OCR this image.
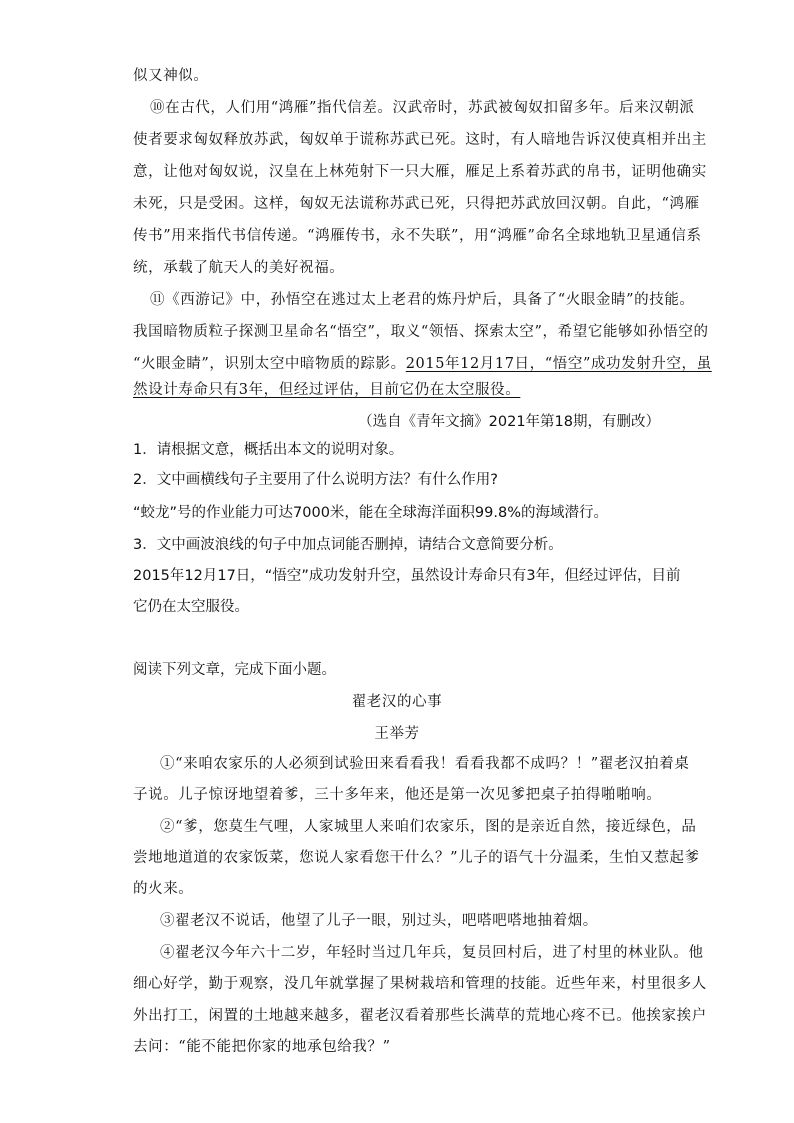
似又神似。
⑩在古代，人们用“鸿雁”指代信差。汉武帝时，苏武被匈奴扣留多年。后来汉朝派
使者要求匈奴释放苏武，匈奴单于谎称苏武已死。这时，有人暗地告诉汉使真相并出主
意，让他对匈奴说，汉皇在上林苑射下一只大雁，雁足上系着苏武的帛书，证明他确实
未死，只是受困。这样，匈奴无法谎称苏武已死，只得把苏武放回汉朝。自此，“鸿雁
传书”用来指代书信传递。“鸿雁传书，永不失联”，用“鸿雁”命名全球地轨卫星通信系
统，承载了航天人的美好祝福。
⑪《西游记》中，孙悟空在逃过太上老君的炼丹炉后，具备了“火眼金睛”的技能。
我国暗物质粒子探测卫星命名“悟空”，取义“领悟、探索太空”，希望它能够如孙悟空的
“火眼金睛”，识别太空中暗物质的踪影。2015年12月17日，“悟空”成功发射升空，虽
然设计寿命只有3年，但经过评估，目前它仍在太空服役。
（选自《青年文摘》2021年第18期，有删改）
1．请根据文意，概括出本文的说明对象。
2．文中画横线句子主要用了什么说明方法？有什么作用?
“蛟龙”号的作业能力可达7000米，能在全球海洋面积99.8%的海域潜行。
3．文中画波浪线的句子中加点词能否删掉，请结合文意简要分析。
2015年12月17日，“悟空”成功发射升空，虽然设计寿命只有3年，但经过评估，目前
它仍在太空服役。
阅读下列文章，完成下面小题。
翟老汉的心事
王举芳
①“来咱农家乐的人必须到试验田来看看我！看看我都不成吗？！”翟老汉拍着桌
子说。儿子惊讶地望着爹，三十多年来，他还是第一次见爹把桌子拍得啪啪响。
②“爹，您莫生气哩，人家城里人来咱们农家乐，图的是亲近自然，接近绿色，品
尝地地道道的农家饭菜，您说人家看您干什么？”儿子的语气十分温柔，生怕又惹起爹
的火来。
③翟老汉不说话，他望了儿子一眼，别过头，吧嗒吧嗒地抽着烟。
④翟老汉今年六十二岁，年轻时当过几年兵，复员回村后，进了村里的林业队。他
细心好学，勤于观察，没几年就掌握了果树栽培和管理的技能。近些年来，村里很多人
外出打工，闲置的土地越来越多，翟老汉看着那些长满草的荒地心疼不已。他挨家挨户
去问：“能不能把你家的地承包给我？”
